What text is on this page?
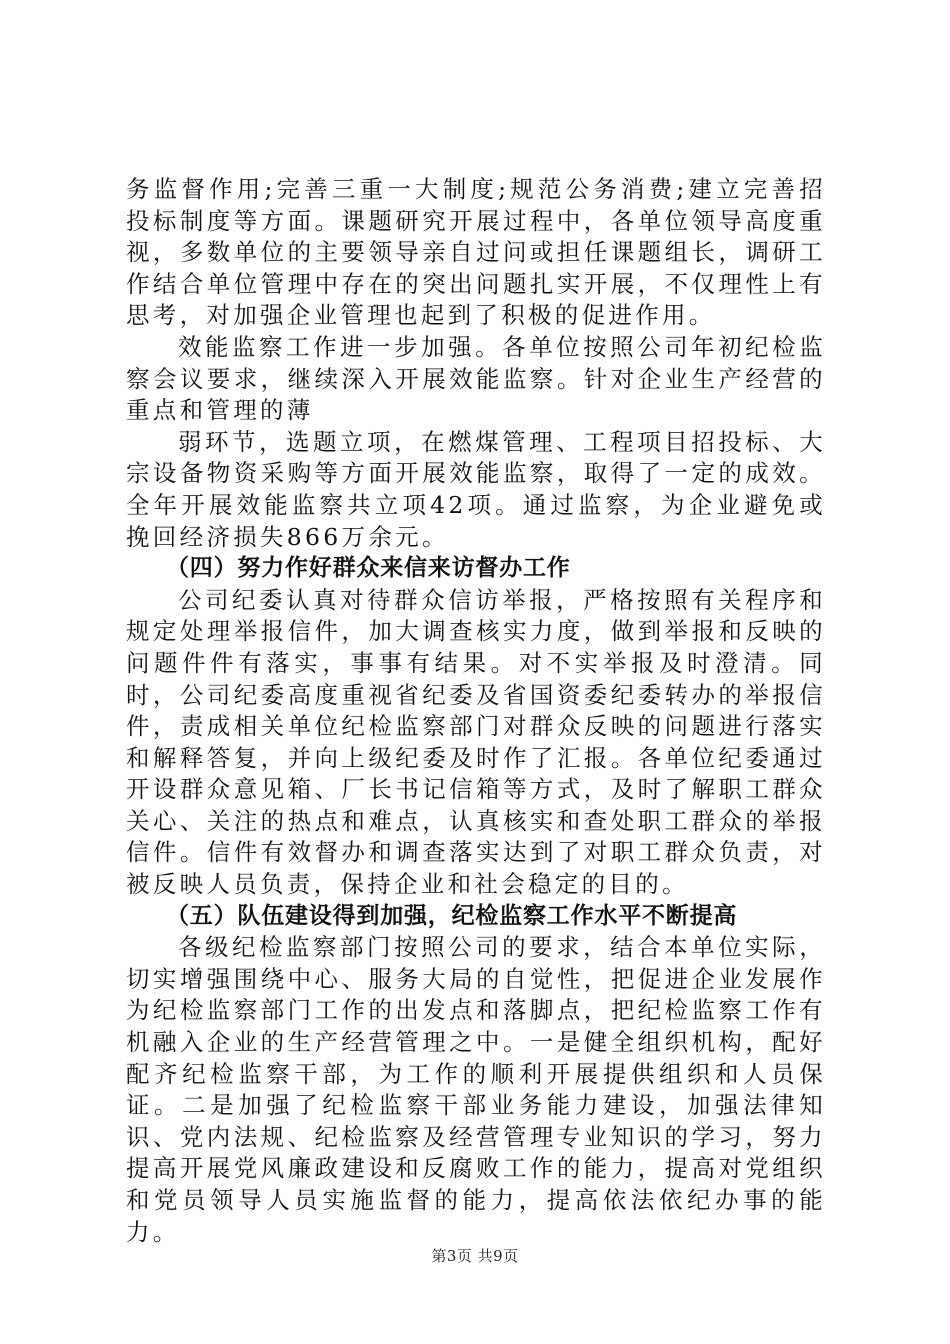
务监督作用;完善三重一大制度;规范公务消费;建立完善招投标制度等方面。课题研究开展过程中，各单位领导高度重视，多数单位的主要领导亲自过问或担任课题组长，调研工作结合单位管理中存在的突出问题扎实开展，不仅理性上有思考，对加强企业管理也起到了积极的促进作用。

效能监察工作进一步加强。各单位按照公司年初纪检监察会议要求，继续深入开展效能监察。针对企业生产经营的重点和管理的薄

弱环节，选题立项，在燃煤管理、工程项目招投标、大宗设备物资采购等方面开展效能监察，取得了一定的成效。全年开展效能监察共立项42项。通过监察，为企业避免或挽回经济损失866万余元。

（四）努力作好群众来信来访督办工作

公司纪委认真对待群众信访举报，严格按照有关程序和规定处理举报信件，加大调查核实力度，做到举报和反映的问题件件有落实，事事有结果。对不实举报及时澄清。同时，公司纪委高度重视省纪委及省国资委纪委转办的举报信件，责成相关单位纪检监察部门对群众反映的问题进行落实和解释答复，并向上级纪委及时作了汇报。各单位纪委通过开设群众意见箱、厂长书记信箱等方式，及时了解职工群众关心、关注的热点和难点，认真核实和查处职工群众的举报信件。信件有效督办和调查落实达到了对职工群众负责，对被反映人员负责，保持企业和社会稳定的目的。

（五）队伍建设得到加强，纪检监察工作水平不断提高

各级纪检监察部门按照公司的要求，结合本单位实际，切实增强围绕中心、服务大局的自觉性，把促进企业发展作为纪检监察部门工作的出发点和落脚点，把纪检监察工作有机融入企业的生产经营管理之中。一是健全组织机构，配好配齐纪检监察干部，为工作的顺利开展提供组织和人员保证。二是加强了纪检监察干部业务能力建设，加强法律知识、党内法规、纪检监察及经营管理专业知识的学习，努力提高开展党风廉政建设和反腐败工作的能力，提高对党组织和党员领导人员实施监督的能力，提高依法依纪办事的能力。

第3页 共9页
